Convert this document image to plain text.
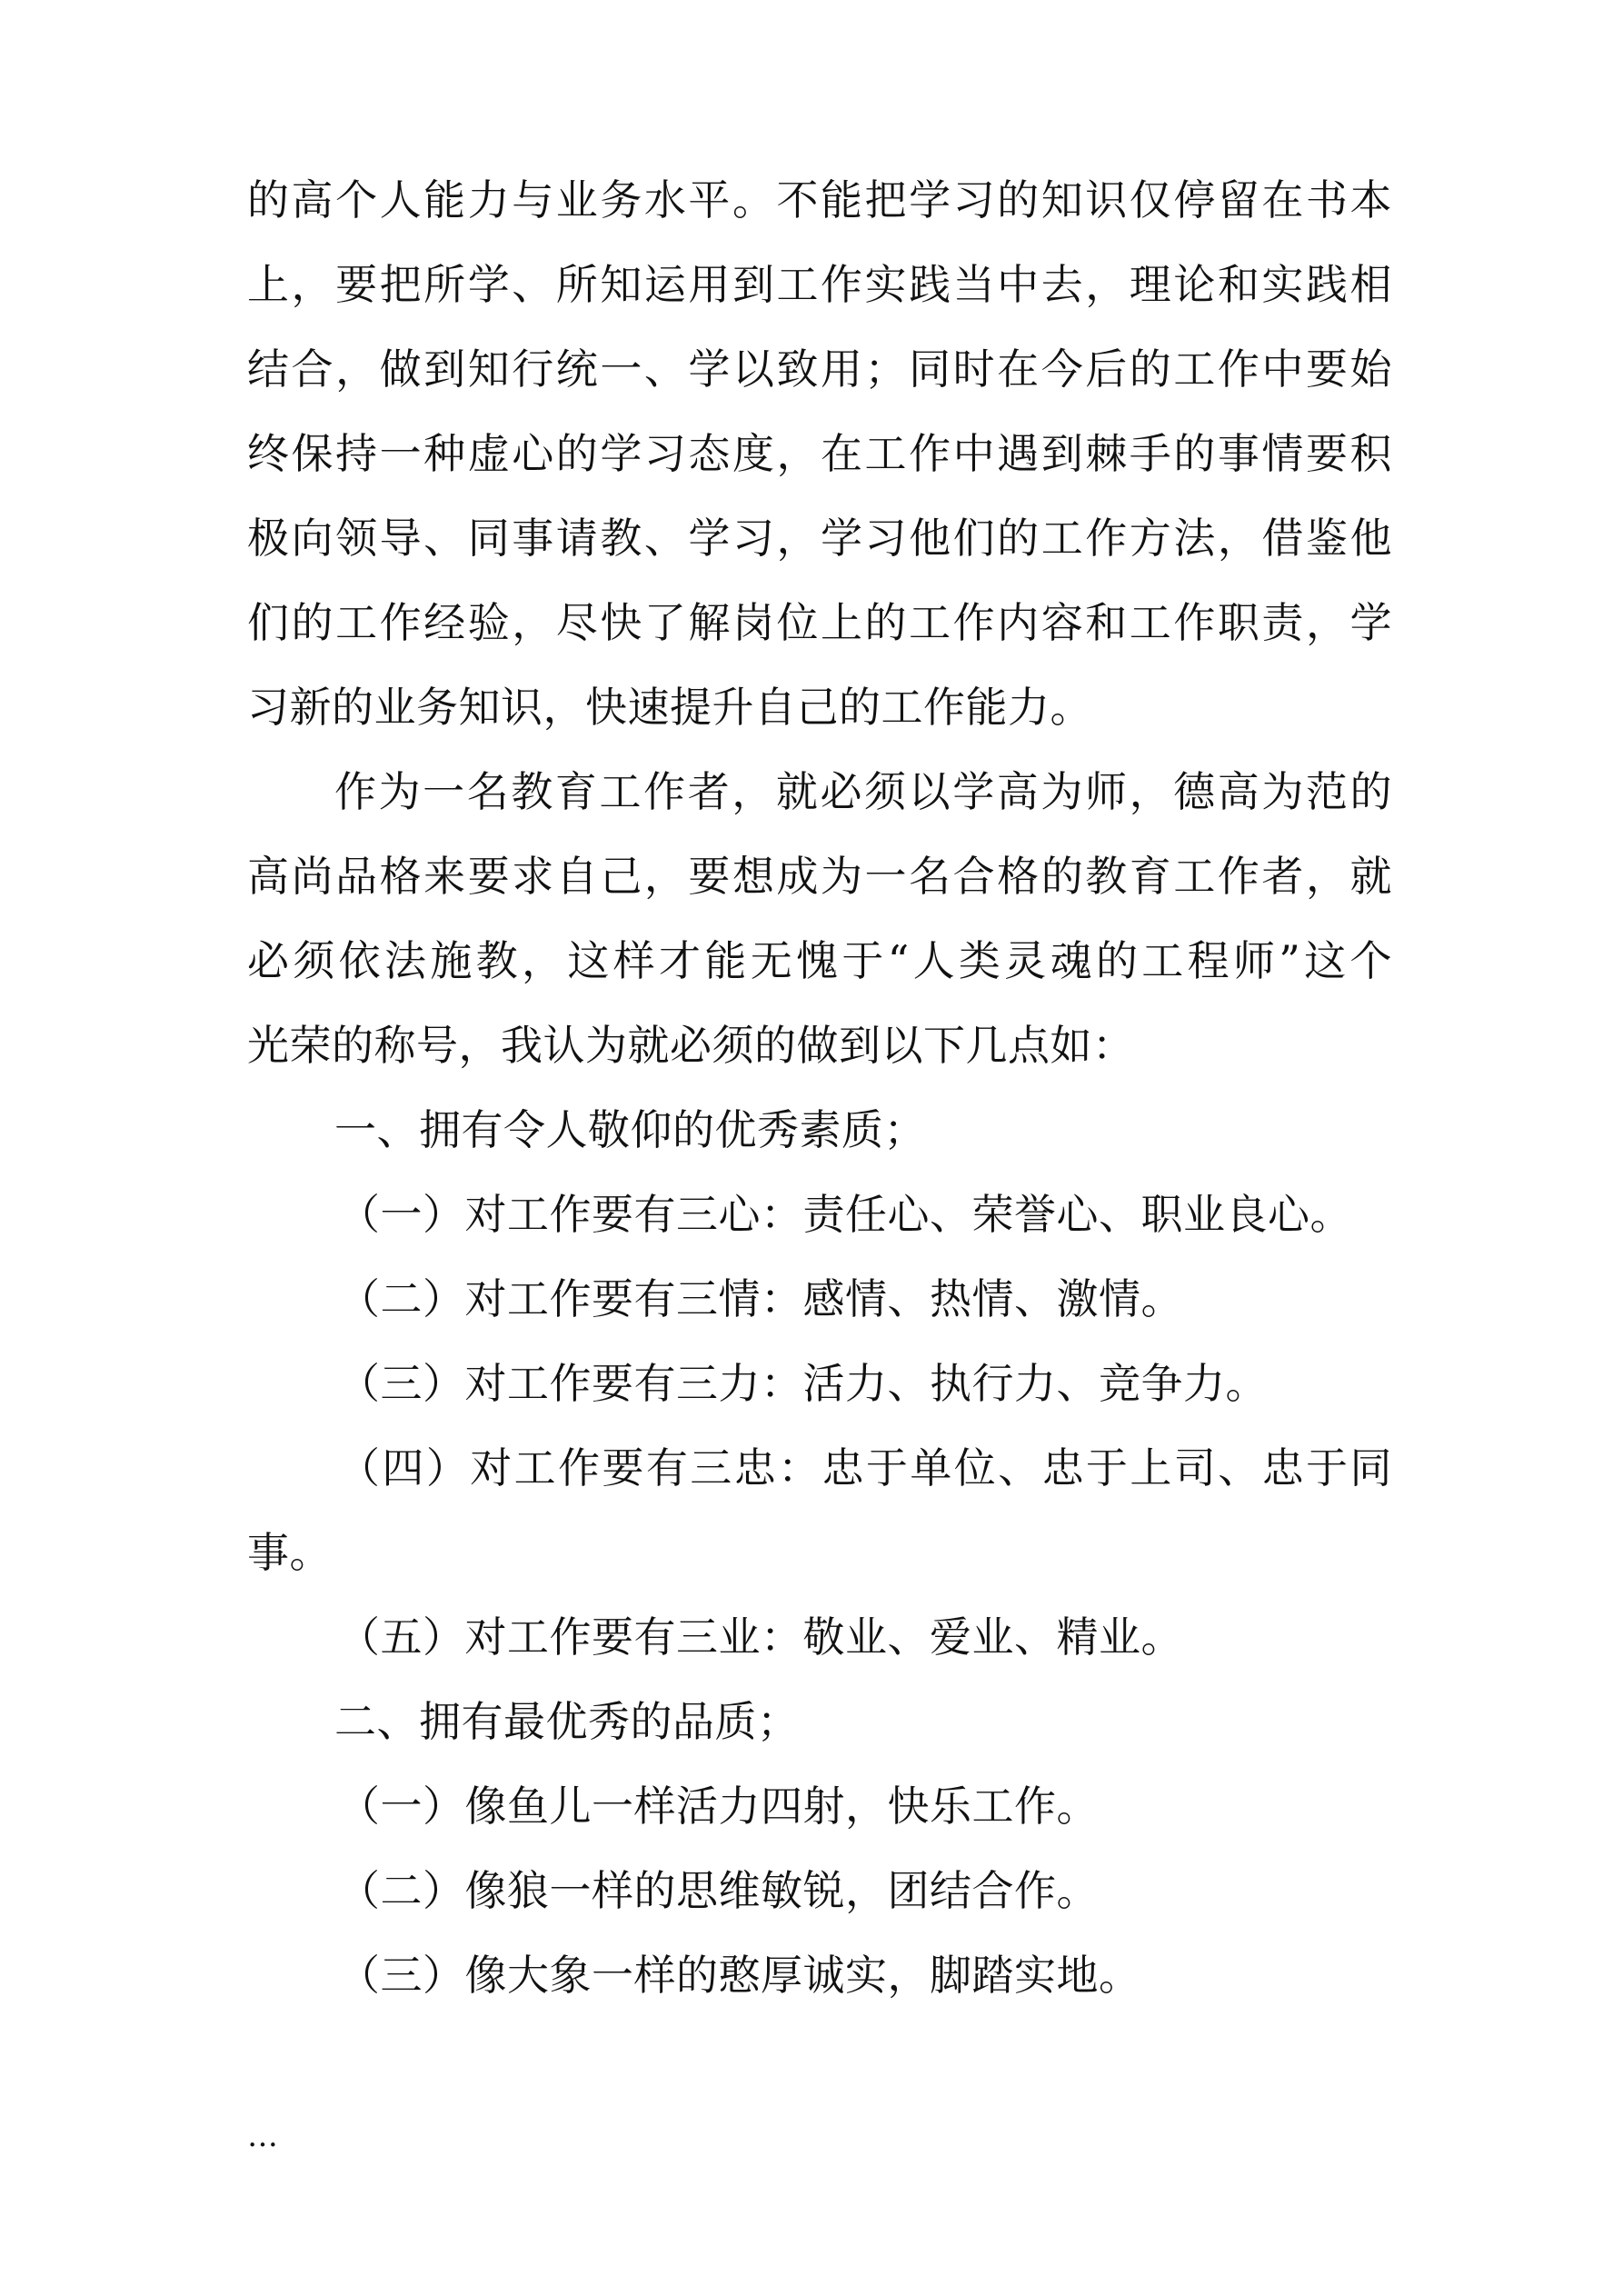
的高个人能力与业务水平。不能把学习的知识仅停留在书本
上，要把所学、所知运用到工作实践当中去，理论和实践相
结合，做到知行统一、学以致用；同时在今后的工作中要始
终保持一种虚心的学习态度，在工作中遇到棘手的事情要积
极向领导、同事请教、学习，学习他们的工作方法，借鉴他
们的工作经验，尽快了解岗位上的工作内容和工作职责，学
习新的业务知识，快速提升自己的工作能力。
作为一名教育工作者，就必须以学高为师，德高为范的
高尚品格来要求自己，要想成为一名合格的教育工作者，就
必须依法施教，这样才能无愧于“人类灵魂的工程师”这个
光荣的称号，我认为就必须的做到以下几点如：
一、拥有令人敬仰的优秀素质；
（一）对工作要有三心：责任心、荣誉心、职业良心。
（二）对工作要有三情：感情、热情、激情。
（三）对工作要有三力：活力、执行力、竞争力。
（四）对工作要有三忠：忠于单位、忠于上司、忠于同
事。
（五）对工作要有三业：敬业、爱业、精业。
二、拥有最优秀的品质；
（一）像鱼儿一样活力四射，快乐工作。
（二）像狼一样的思维敏锐，团结合作。
（三）像大象一样的憨厚诚实，脚踏实地。
…
